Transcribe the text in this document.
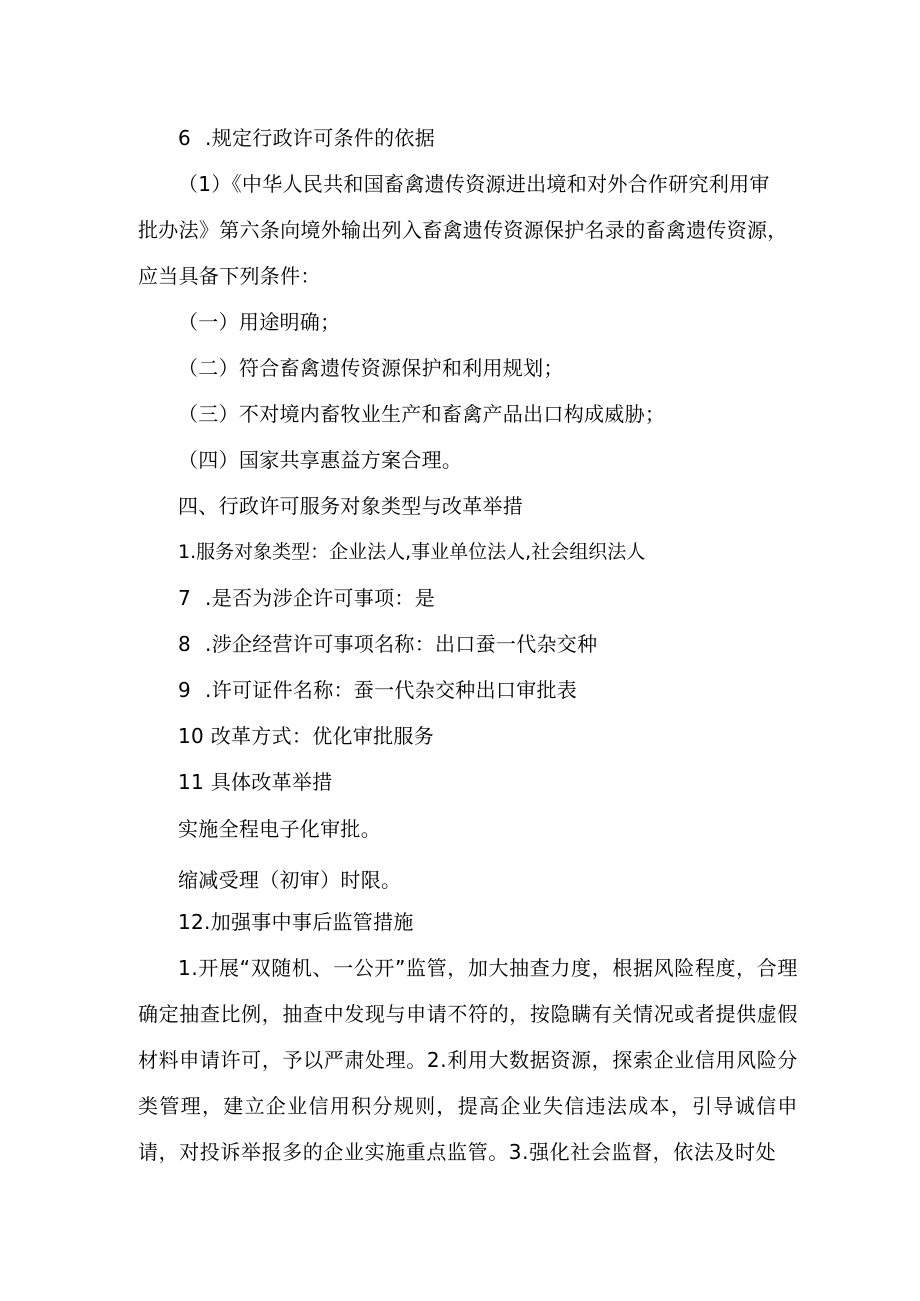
6 .规定行政许可条件的依据
（1）《中华人民共和国畜禽遗传资源进出境和对外合作研究利用审
批办法》第六条向境外输出列入畜禽遗传资源保护名录的畜禽遗传资源，
应当具备下列条件：
（一）用途明确；
（二）符合畜禽遗传资源保护和利用规划；
（三）不对境内畜牧业生产和畜禽产品出口构成威胁；
（四）国家共享惠益方案合理。
四、行政许可服务对象类型与改革举措
1.服务对象类型：企业法人,事业单位法人,社会组织法人
7 .是否为涉企许可事项：是
8 .涉企经营许可事项名称：出口蚕一代杂交种
9 .许可证件名称：蚕一代杂交种出口审批表
10 改革方式：优化审批服务
11 具体改革举措
实施全程电子化审批。
缩减受理（初审）时限。
12.加强事中事后监管措施
1.开展“双随机、一公开”监管，加大抽查力度，根据风险程度，合理确定抽查比例，抽查中发现与申请不符的，按隐瞒有关情况或者提供虚假材料申请许可，予以严肃处理。2.利用大数据资源，探索企业信用风险分类管理，建立企业信用积分规则，提高企业失信违法成本，引导诚信申请，对投诉举报多的企业实施重点监管。3.强化社会监督，依法及时处
